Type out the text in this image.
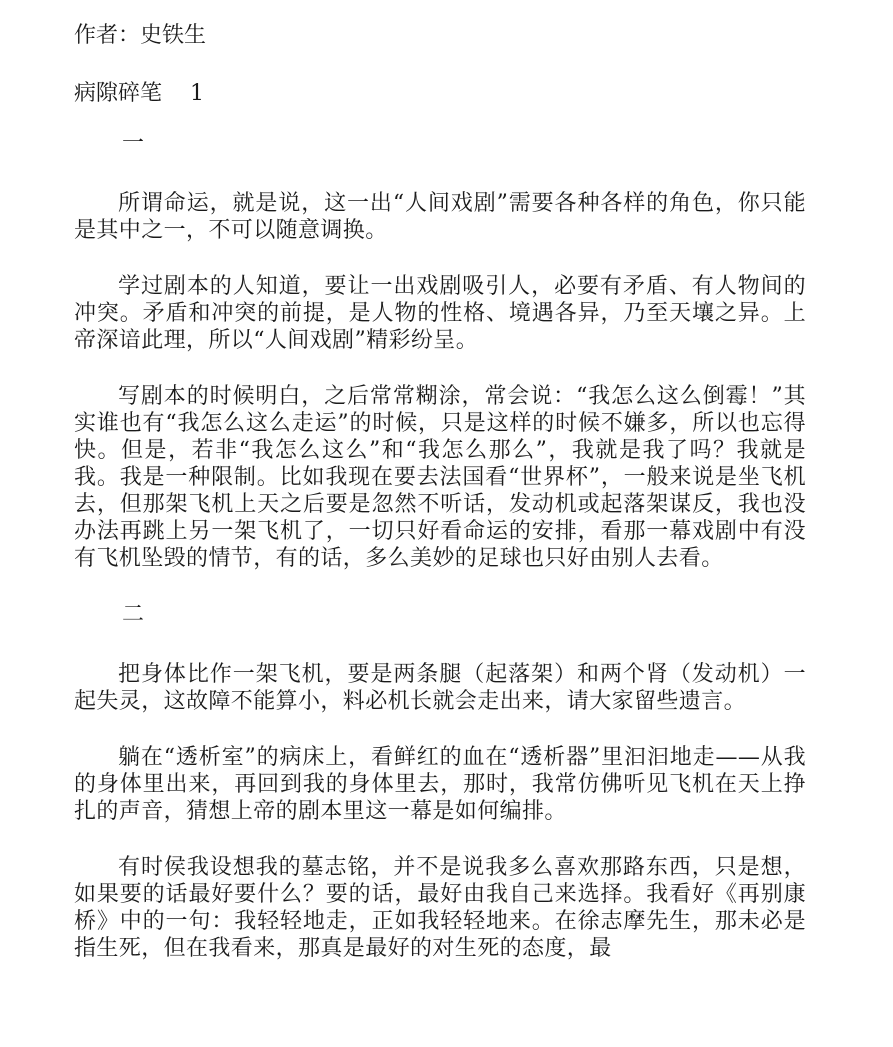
作者：史铁生
病隙碎笔 1
一

所谓命运，就是说，这一出“人间戏剧”需要各种各样的角色，你只能是其中之一，不可以随意调换。

学过剧本的人知道，要让一出戏剧吸引人，必要有矛盾、有人物间的冲突。矛盾和冲突的前提，是人物的性格、境遇各异，乃至天壤之异。上帝深谙此理，所以“人间戏剧”精彩纷呈。

写剧本的时候明白，之后常常糊涂，常会说：“我怎么这么倒霉！”其实谁也有“我怎么这么走运”的时候，只是这样的时候不嫌多，所以也忘得快。但是，若非“我怎么这么”和“我怎么那么”，我就是我了吗？我就是我。我是一种限制。比如我现在要去法国看“世界杯”，一般来说是坐飞机去，但那架飞机上天之后要是忽然不听话，发动机或起落架谋反，我也没办法再跳上另一架飞机了，一切只好看命运的安排，看那一幕戏剧中有没有飞机坠毁的情节，有的话，多么美妙的足球也只好由别人去看。

二

把身体比作一架飞机，要是两条腿（起落架）和两个肾（发动机）一起失灵，这故障不能算小，料必机长就会走出来，请大家留些遗言。

躺在“透析室”的病床上，看鲜红的血在“透析器”里汩汩地走——从我的身体里出来，再回到我的身体里去，那时，我常仿佛听见飞机在天上挣扎的声音，猜想上帝的剧本里这一幕是如何编排。

有时侯我设想我的墓志铭，并不是说我多么喜欢那路东西，只是想，如果要的话最好要什么？要的话，最好由我自己来选择。我看好《再别康桥》中的一句：我轻轻地走，正如我轻轻地来。在徐志摩先生，那未必是指生死，但在我看来，那真是最好的对生死的态度，最
